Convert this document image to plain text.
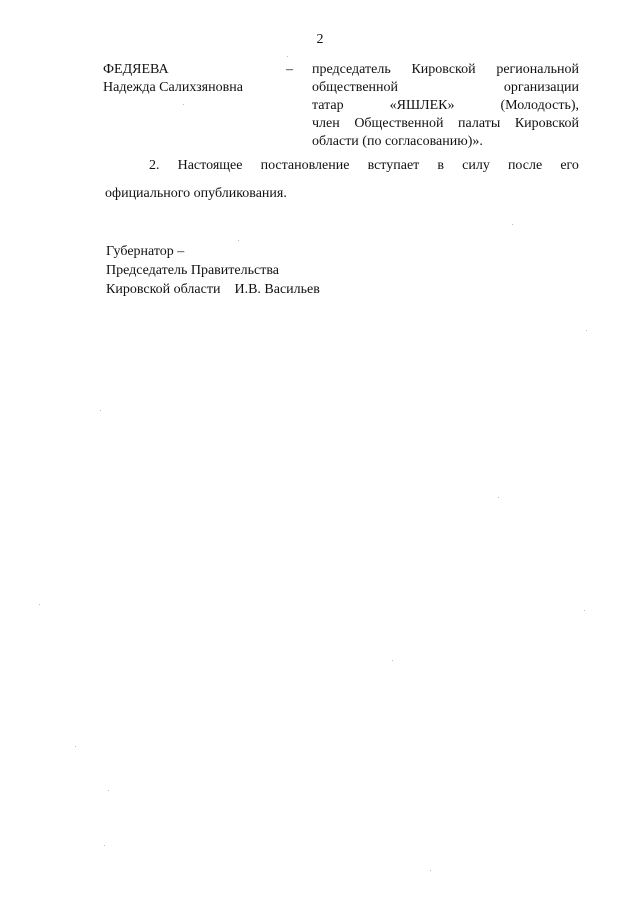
2
ФЕДЯЕВА
Надежда Салихзяновна
– председатель Кировской региональной
общественной	организации
татар	«ЯШЛЕК»	(Молодость),
член Общественной палаты Кировской
области (по согласованию)».
2. Настоящее постановление вступает в силу после его
официального опубликования.
Губернатор –
Председатель Правительства
Кировской области    И.В. Васильев
